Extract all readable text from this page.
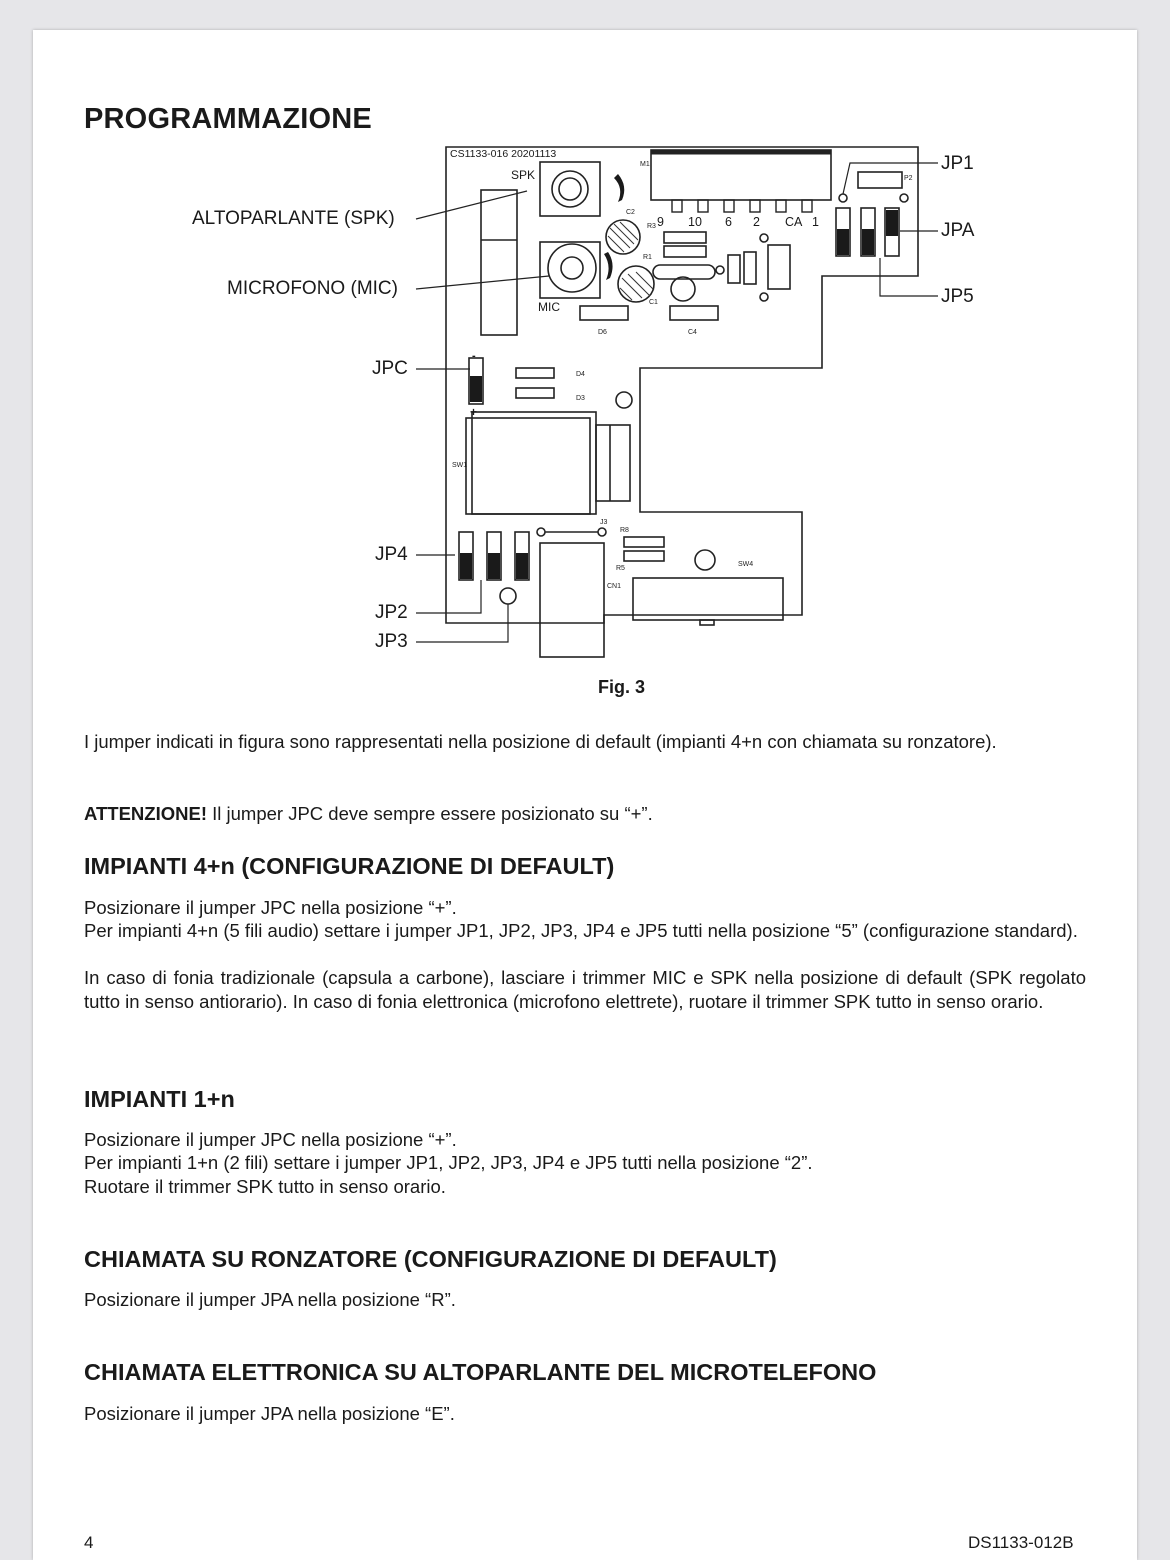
PROGRAMMAZIONE
M1
C2
R3
R1
C1
D6	C4
D4
D3
SW1
J3
R8
R5
SW4
CN1
P2
CS1133-016 20201113
SPK
MIC
9 10 6 2 CA 1
-
+
ALTOPARLANTE (SPK)
MICROFONO (MIC)
JPC
JP4
JP2
JP3
JP1
JPA
JP5
Fig. 3

I jumper indicati in figura sono rappresentati nella posizione di default (impianti 4+n con chiamata su ronzatore).

ATTENZIONE! Il jumper JPC deve sempre essere posizionato su “+”.

IMPIANTI 4+n (CONFIGURAZIONE DI DEFAULT)

Posizionare il jumper JPC nella posizione “+”.

Per impianti 4+n (5 fili audio) settare i jumper JP1, JP2, JP3, JP4 e JP5 tutti nella posizione “5” (configurazione standard).

In caso di fonia tradizionale (capsula a carbone), lasciare i trimmer MIC e SPK nella posizione di default (SPK regolato tutto in senso antiorario). In caso di fonia elettronica (microfono elettrete), ruotare il trimmer SPK tutto in senso orario.

IMPIANTI 1+n

Posizionare il jumper JPC nella posizione “+”.

Per impianti 1+n (2 fili) settare i jumper JP1, JP2, JP3, JP4 e JP5 tutti nella posizione “2”.

Ruotare il trimmer SPK tutto in senso orario.

CHIAMATA SU RONZATORE (CONFIGURAZIONE DI DEFAULT)

Posizionare il jumper JPA nella posizione “R”.

CHIAMATA ELETTRONICA SU ALTOPARLANTE DEL MICROTELEFONO

Posizionare il jumper JPA nella posizione “E”.

4	DS1133-012B
